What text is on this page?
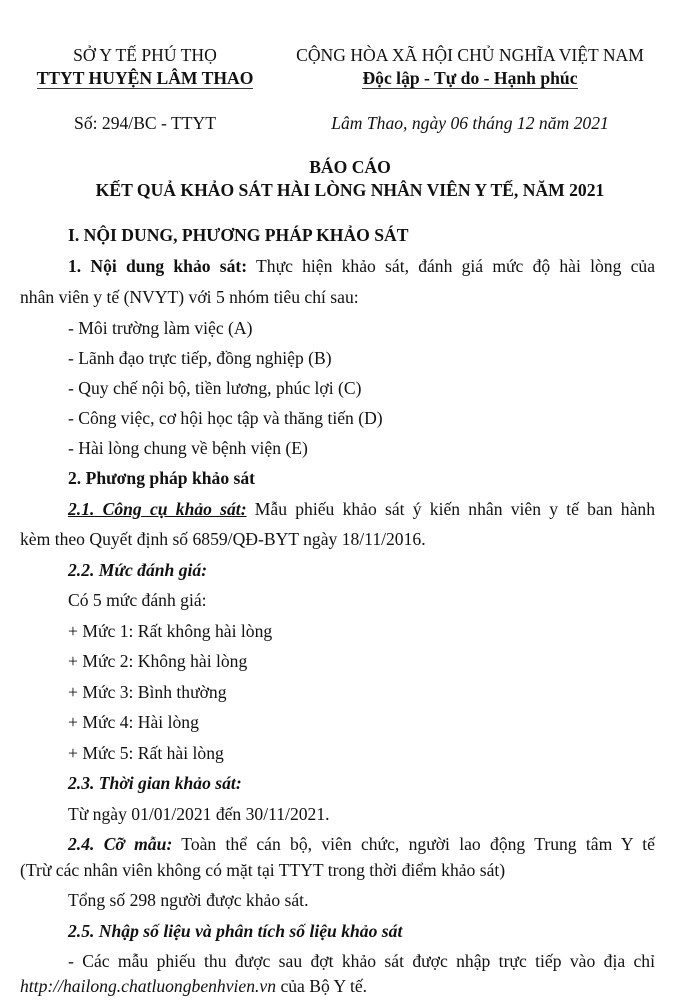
SỞ Y TẾ PHÚ THỌ
TTYT HUYỆN LÂM THAO
CỘNG HÒA XÃ HỘI CHỦ NGHĨA VIỆT NAM
Độc lập - Tự do - Hạnh phúc
Số: 294/BC - TTYT	Lâm Thao, ngày 06 tháng 12 năm 2021
BÁO CÁO
KẾT QUẢ KHẢO SÁT HÀI LÒNG NHÂN VIÊN Y TẾ, NĂM 2021
I. NỘI DUNG, PHƯƠNG PHÁP KHẢO SÁT
1. Nội dung khảo sát: Thực hiện khảo sát, đánh giá mức độ hài lòng của
nhân viên y tế (NVYT) với 5 nhóm tiêu chí sau:
- Môi trường làm việc (A)
- Lãnh đạo trực tiếp, đồng nghiệp (B)
- Quy chế nội bộ, tiền lương, phúc lợi (C)
- Công việc, cơ hội học tập và thăng tiến (D)
- Hài lòng chung về bệnh viện (E)
2. Phương pháp khảo sát
2.1. Công cụ khảo sát: Mẫu phiếu khảo sát ý kiến nhân viên y tế ban hành
kèm theo Quyết định số 6859/QĐ-BYT ngày 18/11/2016.
2.2. Mức đánh giá:
Có 5 mức đánh giá:
+ Mức 1: Rất không hài lòng
+ Mức 2: Không hài lòng
+ Mức 3: Bình thường
+ Mức 4: Hài lòng
+ Mức 5: Rất hài lòng
2.3. Thời gian khảo sát:
Từ ngày 01/01/2021 đến 30/11/2021.
2.4. Cỡ mẫu: Toàn thể cán bộ, viên chức, người lao động Trung tâm Y tế
(Trừ các nhân viên không có mặt tại TTYT trong thời điểm khảo sát)
Tổng số 298 người được khảo sát.
2.5. Nhập số liệu và phân tích số liệu khảo sát
- Các mẫu phiếu thu được sau đợt khảo sát được nhập trực tiếp vào địa chỉ
http://hailong.chatluongbenhvien.vn của Bộ Y tế.
